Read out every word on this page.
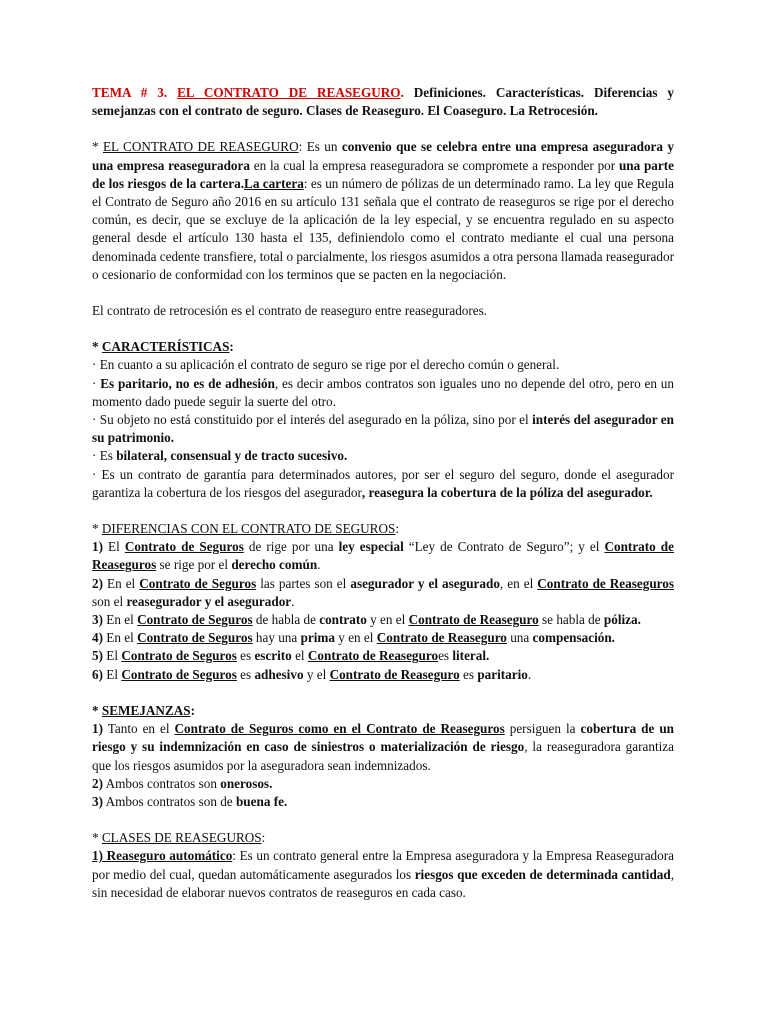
TEMA # 3. EL CONTRATO DE REASEGURO. Definiciones. Características. Diferencias y semejanzas con el contrato de seguro. Clases de Reaseguro. El Coaseguro. La Retrocesión.

* EL CONTRATO DE REASEGURO: Es un convenio que se celebra entre una empresa aseguradora y una empresa reaseguradora en la cual la empresa reaseguradora se compromete a responder por una parte de los riesgos de la cartera.La cartera: es un número de pólizas de un determinado ramo. La ley que Regula el Contrato de Seguro año 2016 en su artículo 131 señala que el contrato de reaseguros se rige por el derecho común, es decir, que se excluye de la aplicación de la ley especial, y se encuentra regulado en su aspecto general desde el artículo 130 hasta el 135, definiendolo como el contrato mediante el cual una persona denominada cedente transfiere, total o parcialmente, los riesgos asumidos a otra persona llamada reasegurador o cesionario de conformidad con los terminos que se pacten en la negociación.

El contrato de retrocesión es el contrato de reaseguro entre reaseguradores.

* CARACTERÍSTICAS:

· En cuanto a su aplicación el contrato de seguro se rige por el derecho común o general.

· Es paritario, no es de adhesión, es decir ambos contratos son iguales uno no depende del otro, pero en un momento dado puede seguir la suerte del otro.

· Su objeto no está constituido por el interés del asegurado en la póliza, sino por el interés del asegurador en su patrimonio.

· Es bilateral, consensual y de tracto sucesivo.

· Es un contrato de garantía para determinados autores, por ser el seguro del seguro, donde el asegurador garantiza la cobertura de los riesgos del asegurador, reasegura la cobertura de la póliza del asegurador.

* DIFERENCIAS CON EL CONTRATO DE SEGUROS:

1) El Contrato de Seguros de rige por una ley especial “Ley de Contrato de Seguro”; y el Contrato de Reaseguros se rige por el derecho común.

2) En el Contrato de Seguros las partes son el asegurador y el asegurado, en el Contrato de Reaseguros son el reasegurador y el asegurador.

3) En el Contrato de Seguros de habla de contrato y en el Contrato de Reaseguro se habla de póliza.

4) En el Contrato de Seguros hay una prima y en el Contrato de Reaseguro una compensación.

5) El Contrato de Seguros es escrito el Contrato de Reaseguroes literal.

6) El Contrato de Seguros es adhesivo y el Contrato de Reaseguro es paritario.

* SEMEJANZAS:

1) Tanto en el Contrato de Seguros como en el Contrato de Reaseguros persiguen la cobertura de un riesgo y su indemnización en caso de siniestros o materialización de riesgo, la reaseguradora garantiza que los riesgos asumidos por la aseguradora sean indemnizados.

2) Ambos contratos son onerosos.

3) Ambos contratos son de buena fe.

* CLASES DE REASEGUROS:

1) Reaseguro automático: Es un contrato general entre la Empresa aseguradora y la Empresa Reaseguradora por medio del cual, quedan automáticamente asegurados los riesgos que exceden de determinada cantidad, sin necesidad de elaborar nuevos contratos de reaseguros en cada caso.
